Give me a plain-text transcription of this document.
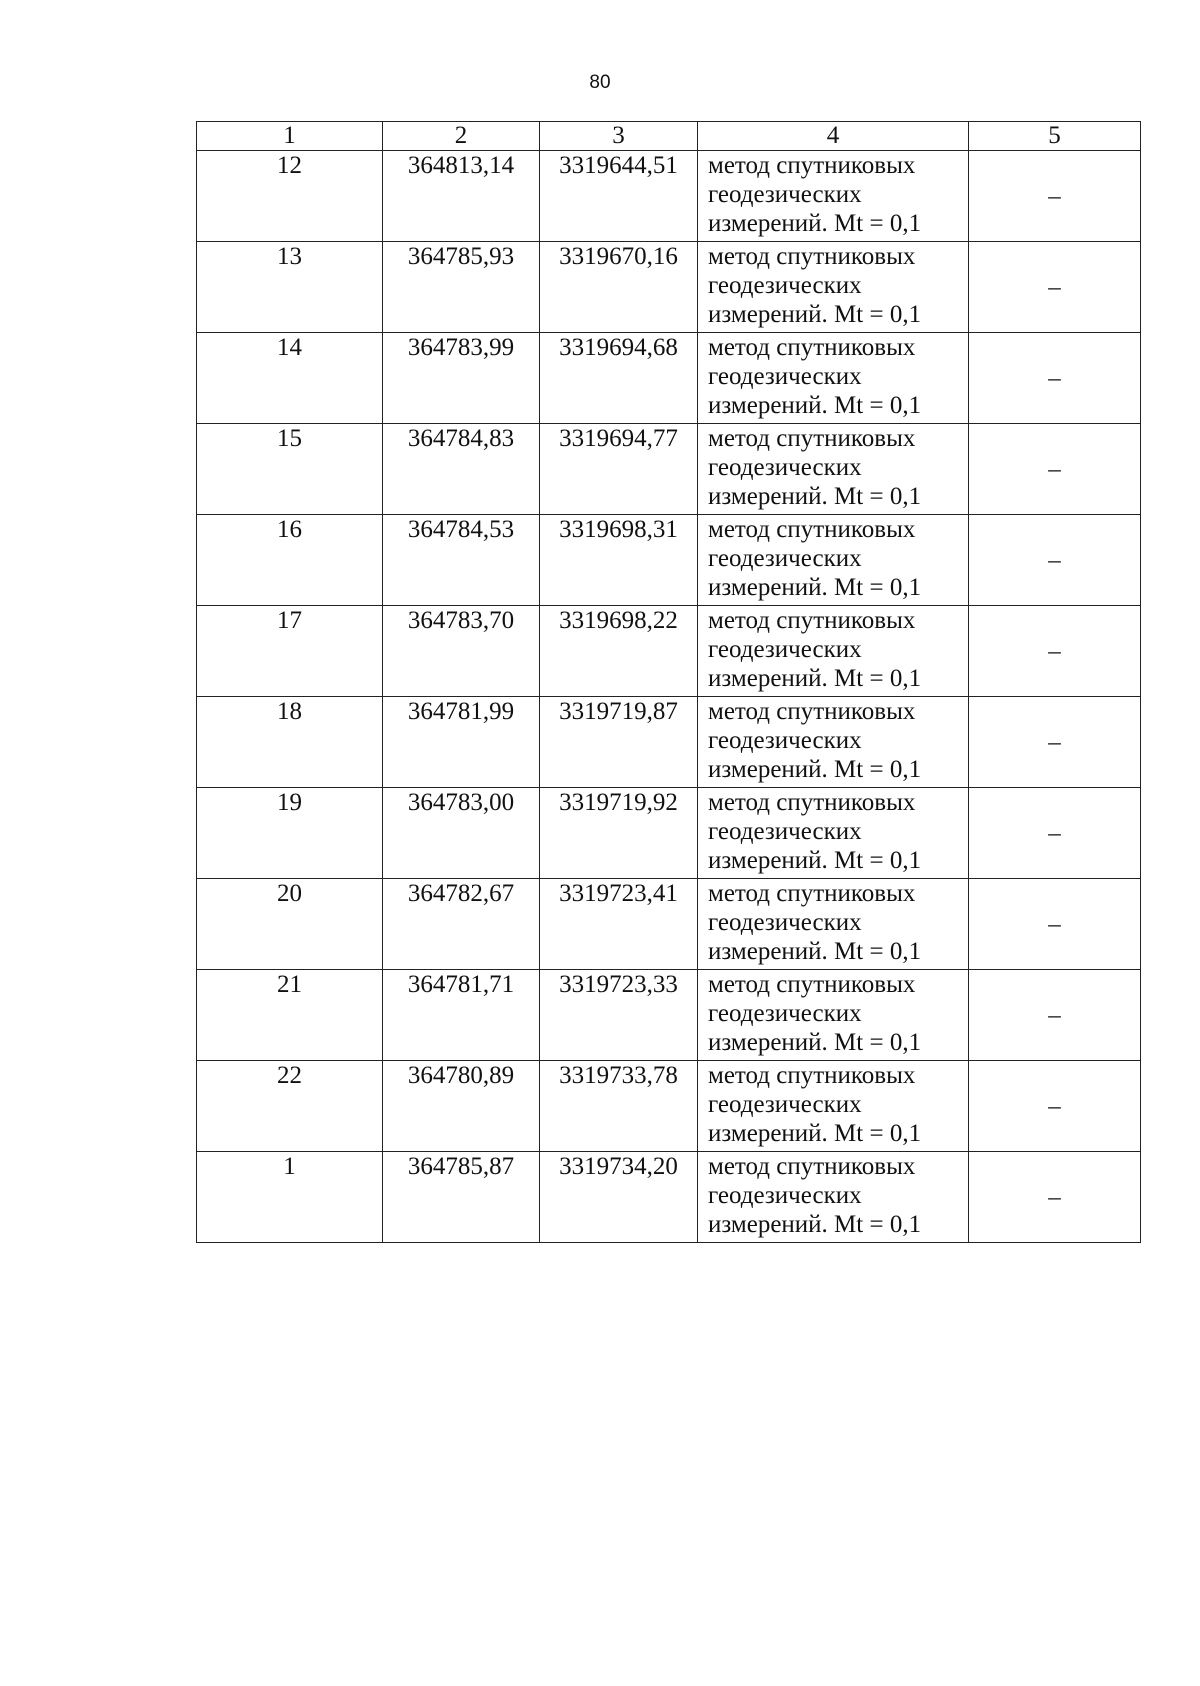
80
1	2	3	4	5
12	364813,14	3319644,51	метод спутниковых
геодезических
измерений. Mt = 0,1	–
13	364785,93	3319670,16	метод спутниковых
геодезических
измерений. Mt = 0,1	–
14	364783,99	3319694,68	метод спутниковых
геодезических
измерений. Mt = 0,1	–
15	364784,83	3319694,77	метод спутниковых
геодезических
измерений. Mt = 0,1	–
16	364784,53	3319698,31	метод спутниковых
геодезических
измерений. Mt = 0,1	–
17	364783,70	3319698,22	метод спутниковых
геодезических
измерений. Mt = 0,1	–
18	364781,99	3319719,87	метод спутниковых
геодезических
измерений. Mt = 0,1	–
19	364783,00	3319719,92	метод спутниковых
геодезических
измерений. Mt = 0,1	–
20	364782,67	3319723,41	метод спутниковых
геодезических
измерений. Mt = 0,1	–
21	364781,71	3319723,33	метод спутниковых
геодезических
измерений. Mt = 0,1	–
22	364780,89	3319733,78	метод спутниковых
геодезических
измерений. Mt = 0,1	–
1	364785,87	3319734,20	метод спутниковых
геодезических
измерений. Mt = 0,1	–
